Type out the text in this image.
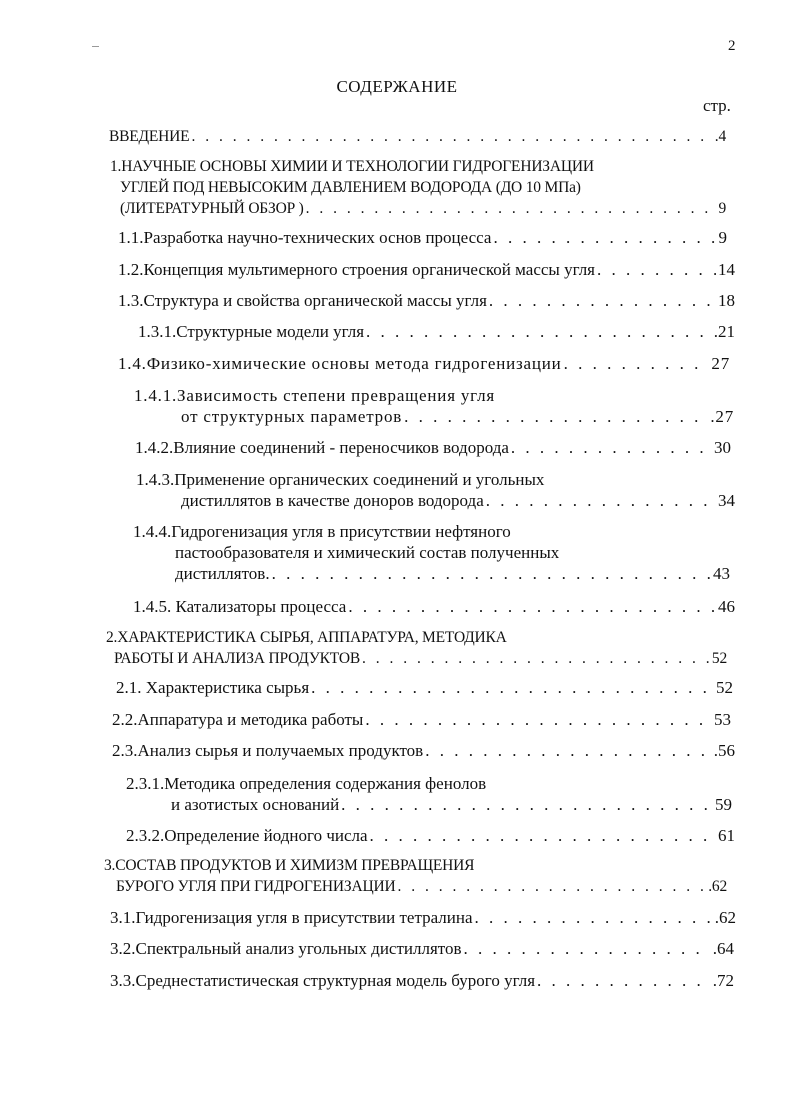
2
СОДЕРЖАНИЕ
стр.
ВВЕДЕНИЕ . . .	.4
1.НАУЧНЫЕ ОСНОВЫ ХИМИИ И ТЕХНОЛОГИИ ГИДРОГЕНИЗАЦИИ
УГЛЕЙ ПОД НЕВЫСОКИМ ДАВЛЕНИЕМ ВОДОРОДА (ДО 10 МПа)
(ЛИТЕРАТУРНЫЙ ОБЗОР ) . . .	9
1.1.Разработка научно-технических основ процесса . . .	9
1.2.Концепция мультимерного строения органической массы угля . . .	14
1.3.Структура и свойства органической массы угля . . .	18
1.3.1.Структурные модели угля . . .	.21
1.4.Физико-химические основы метода гидрогенизации . . .	27
1.4.1.Зависимость степени превращения угля
от структурных параметров . . .	.27
1.4.2.Влияние соединений - переносчиков водорода . . .	30
1.4.3.Применение органических соединений и угольных
дистиллятов в качестве доноров водорода . . .	34
1.4.4.Гидрогенизация угля в присутствии нефтяного
пастообразователя и химический состав полученных
дистиллятов. . . .	43
1.4.5. Катализаторы процесса . . .	46
2.ХАРАКТЕРИСТИКА СЫРЬЯ, АППАРАТУРА, МЕТОДИКА
РАБОТЫ И АНАЛИЗА ПРОДУКТОВ . . .	52
2.1. Характеристика сырья . . .	52
2.2.Аппаратура и методика работы . . .	53
2.3.Анализ сырья и получаемых продуктов . . .	.56
2.3.1.Методика определения содержания фенолов
и азотистых оснований . . .	59
2.3.2.Определение йодного числа . . .	61
3.СОСТАВ ПРОДУКТОВ И ХИМИЗМ ПРЕВРАЩЕНИЯ
БУРОГО УГЛЯ ПРИ ГИДРОГЕНИЗАЦИИ . . .	.62
3.1.Гидрогенизация угля в присутствии тетралина . . .	.62
3.2.Спектральный анализ угольных дистиллятов . . .	.64
3.3.Среднестатистическая структурная модель бурого угля . . .	.72
